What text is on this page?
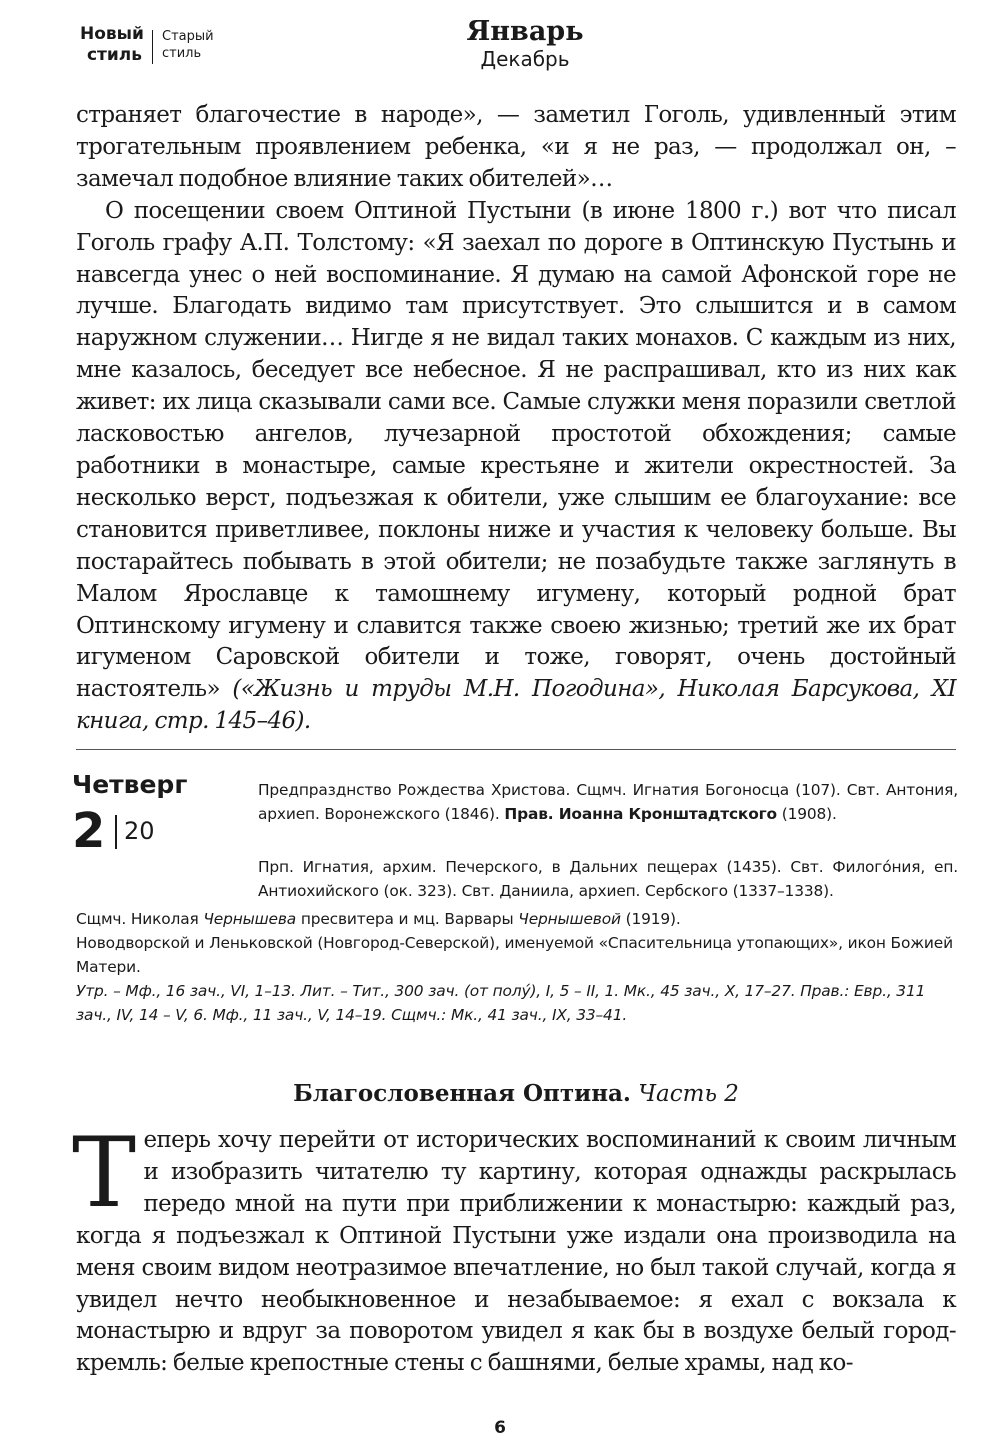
Новый
стиль
Старый
стиль
Январь
Декабрь

страняет благочестие в народе», — заметил Гоголь, удивленный этим трогательным проявлением ребенка, «и я не раз, — продолжал он, – замечал подобное влияние таких обителей»…

О посещении своем Оптиной Пустыни (в июне 1800 г.) вот что писал Гоголь графу А.П. Толстому: «Я заехал по дороге в Оптинскую Пустынь и навсегда унес о ней воспоминание. Я думаю на самой Афонской горе не лучше. Благодать видимо там присутствует. Это слышится и в самом наружном служении… Нигде я не видал таких монахов. С каждым из них, мне казалось, беседует все небесное. Я не распрашивал, кто из них как живет: их лица сказывали сами все. Самые служки меня поразили светлой ласковостью ангелов, лучезарной простотой обхождения; самые работники в монастыре, самые крестьяне и жители окрестностей. За несколько верст, подъезжая к обители, уже слышим ее благоухание: все становится приветливее, поклоны ниже и участия к человеку больше. Вы постарайтесь побывать в этой обители; не позабудьте также заглянуть в Малом Ярославце к тамошнему игумену, который родной брат Оптинскому игумену и славится также своею жизнью; третий же их брат игуменом Саровской обители и тоже, говорят, очень достойный настоятель» («Жизнь и труды М.Н. Погодина», Николая Барсукова, XI книга, стр. 145–46).

Четверг
2 20
Предпразднство Рождества Христова. Сщмч. Игнатия Богоносца (107). Свт. Антония, архиеп. Воронежского (1846). Прав. Иоанна Кронштадтского (1908).
Прп. Игнатия, архим. Печерского, в Дальних пещерах (1435). Свт. Филогóния, еп. Антиохийского (ок. 323). Свт. Даниила, архиеп. Сербского (1337–1338).
Сщмч. Николая Чернышева пресвитера и мц. Варвары Чернышевой (1919).
Новодворской и Леньковской (Новгород-Северской), именуемой «Спасительница утопающих», икон Божией Матери.
Утр. – Мф., 16 зач., VI, 1–13. Лит. – Тит., 300 зач. (от полý), I, 5 – II, 1. Мк., 45 зач., X, 17–27. Прав.: Евр., 311 зач., IV, 14 – V, 6. Мф., 11 зач., V, 14–19. Сщмч.: Мк., 41 зач., IX, 33–41.
Благословенная Оптина. Часть 2
Теперь хочу перейти от исторических воспоминаний к своим личным и изобразить читателю ту картину, которая однажды раскрылась передо мной на пути при приближении к монастырю: каждый раз, когда я подъезжал к Оптиной Пустыни уже издали она производила на меня своим видом неотразимое впечатление, но был такой случай, когда я увидел нечто необыкновенное и незабываемое: я ехал с вокзала к монастырю и вдруг за поворотом увидел я как бы в воздухе белый город-кремль: белые крепостные стены с башнями, белые храмы, над ко-
6
